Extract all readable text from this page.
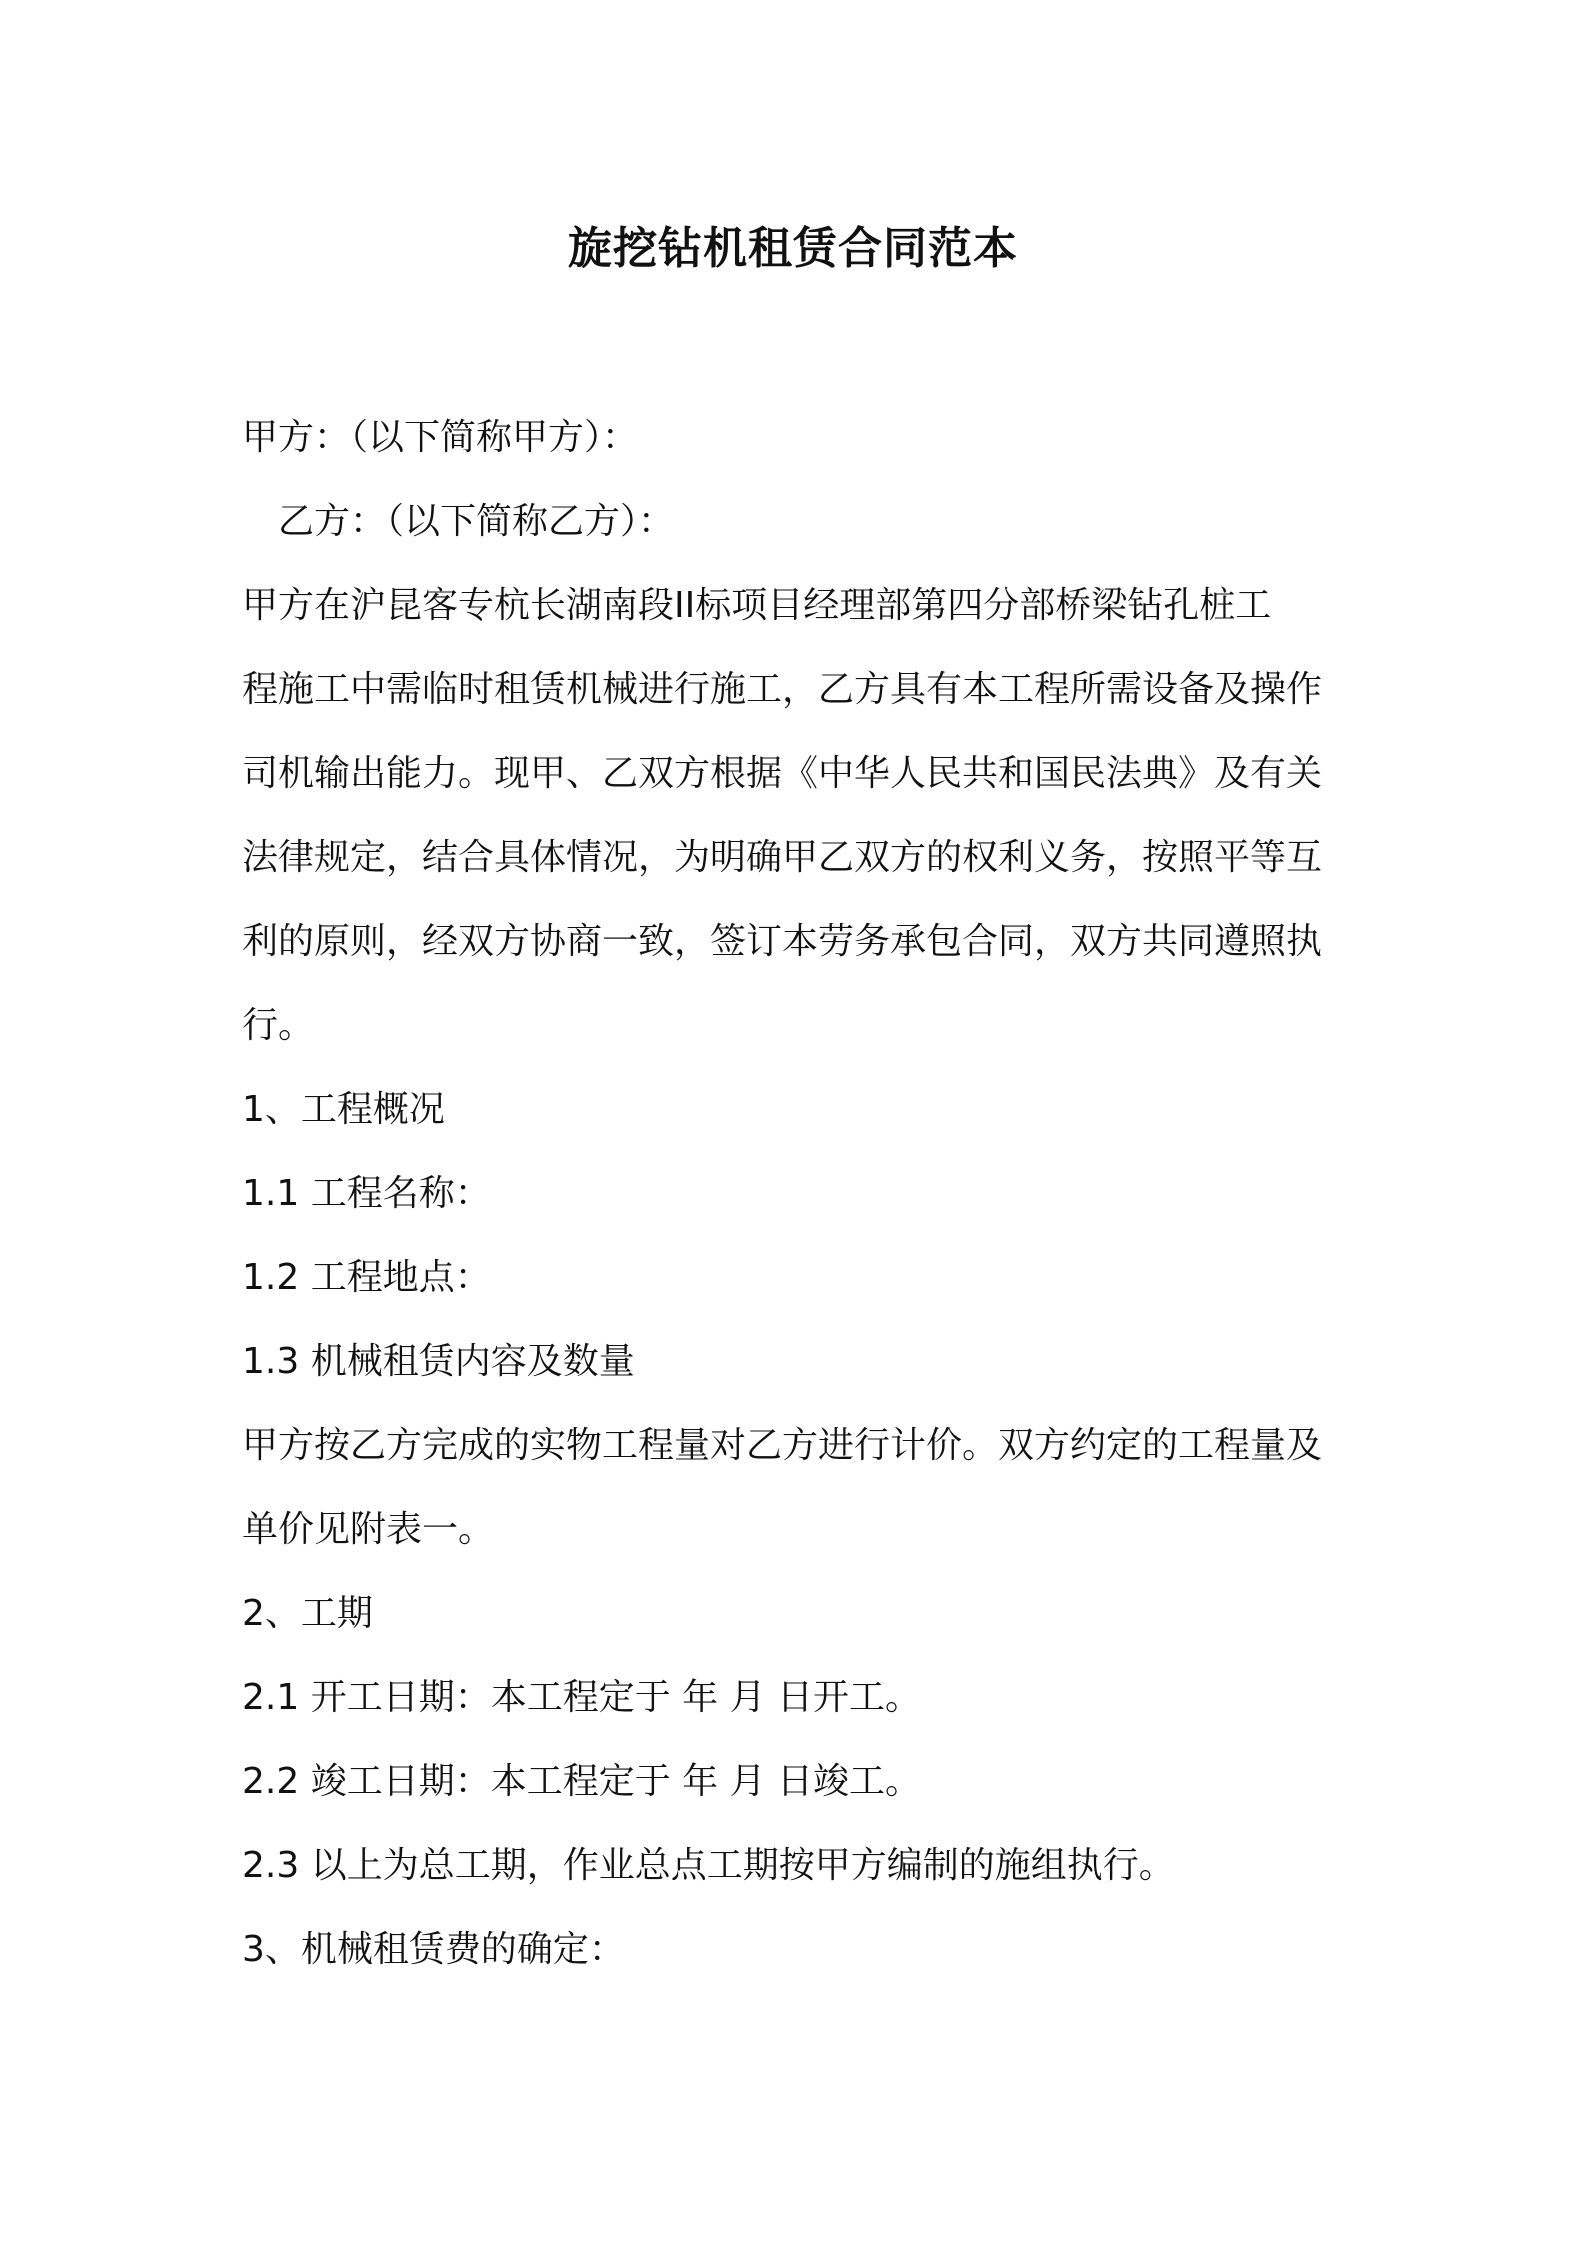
旋挖钻机租赁合同范本
甲方：（以下简称甲方）：
乙方：（以下简称乙方）：
甲方在沪昆客专杭长湖南段II标项目经理部第四分部桥梁钻孔桩工
程施工中需临时租赁机械进行施工，乙方具有本工程所需设备及操作
司机输出能力。现甲、乙双方根据《中华人民共和国民法典》及有关
法律规定，结合具体情况，为明确甲乙双方的权利义务，按照平等互
利的原则，经双方协商一致，签订本劳务承包合同，双方共同遵照执
行。
1、工程概况
1.1 工程名称：
1.2 工程地点：
1.3 机械租赁内容及数量
甲方按乙方完成的实物工程量对乙方进行计价。双方约定的工程量及
单价见附表一。
2、工期
2.1 开工日期：本工程定于 年 月 日开工。
2.2 竣工日期：本工程定于 年 月 日竣工。
2.3 以上为总工期，作业总点工期按甲方编制的施组执行。
3、机械租赁费的确定：
